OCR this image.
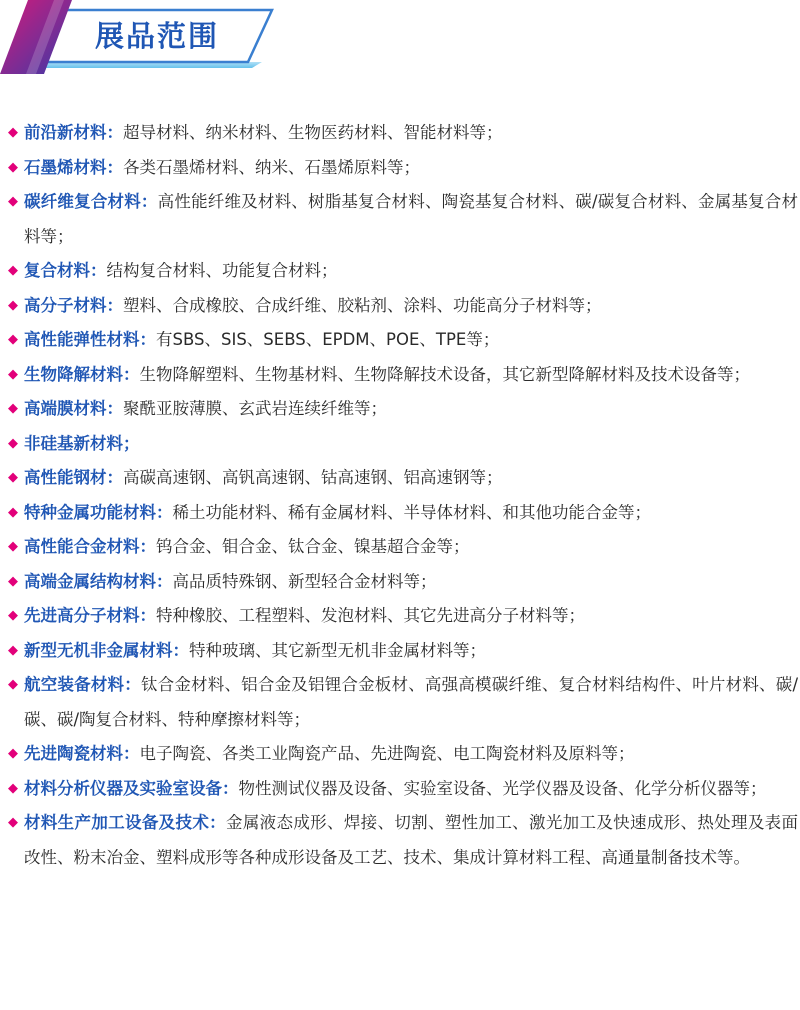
展品范围
◆ 前沿新材料：超导材料、纳米材料、生物医药材料、智能材料等；
◆ 石墨烯材料：各类石墨烯材料、纳米、石墨烯原料等；
◆ 碳纤维复合材料：高性能纤维及材料、树脂基复合材料、陶瓷基复合材料、碳/碳复合材料、金属基复合材料等；
◆ 复合材料：结构复合材料、功能复合材料；
◆ 高分子材料：塑料、合成橡胶、合成纤维、胶粘剂、涂料、功能高分子材料等；
◆ 高性能弹性材料：有SBS、SIS、SEBS、EPDM、POE、TPE等；
◆ 生物降解材料：生物降解塑料、生物基材料、生物降解技术设备，其它新型降解材料及技术设备等；
◆ 高端膜材料：聚酰亚胺薄膜、玄武岩连续纤维等；
◆ 非硅基新材料；
◆ 高性能钢材：高碳高速钢、高钒高速钢、钴高速钢、铝高速钢等；
◆ 特种金属功能材料：稀土功能材料、稀有金属材料、半导体材料、和其他功能合金等；
◆ 高性能合金材料：钨合金、钼合金、钛合金、镍基超合金等；
◆ 高端金属结构材料：高品质特殊钢、新型轻合金材料等；
◆ 先进高分子材料：特种橡胶、工程塑料、发泡材料、其它先进高分子材料等；
◆ 新型无机非金属材料：特种玻璃、其它新型无机非金属材料等；
◆ 航空装备材料：钛合金材料、铝合金及铝锂合金板材、高强高模碳纤维、复合材料结构件、叶片材料、碳/碳、碳/陶复合材料、特种摩擦材料等；
◆ 先进陶瓷材料：电子陶瓷、各类工业陶瓷产品、先进陶瓷、电工陶瓷材料及原料等；
◆ 材料分析仪器及实验室设备：物性测试仪器及设备、实验室设备、光学仪器及设备、化学分析仪器等；
◆ 材料生产加工设备及技术：金属液态成形、焊接、切割、塑性加工、激光加工及快速成形、热处理及表面改性、粉末冶金、塑料成形等各种成形设备及工艺、技术、集成计算材料工程、高通量制备技术等。
